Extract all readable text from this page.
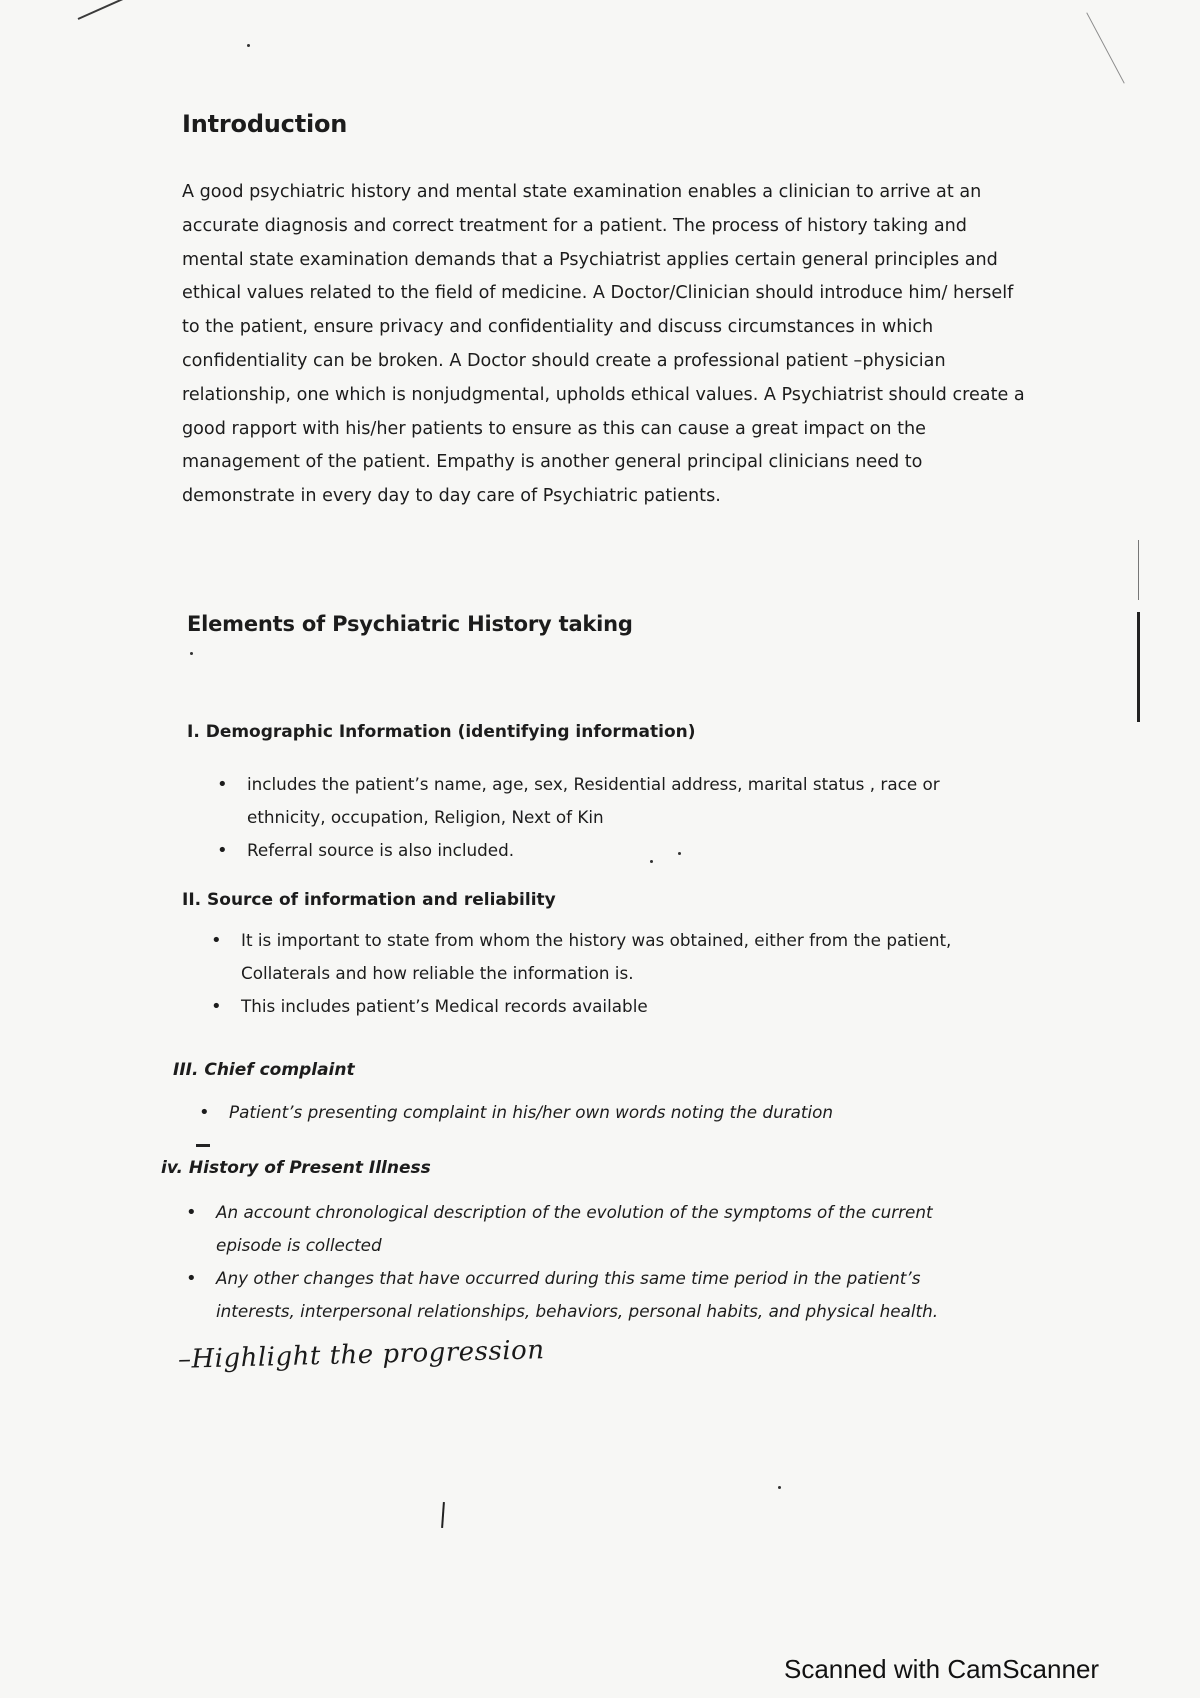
Introduction
A good psychiatric history and mental state examination enables a clinician to arrive at an accurate diagnosis and correct treatment for a patient. The process of history taking and mental state examination demands that a Psychiatrist applies certain general principles and ethical values related to the field of medicine. A Doctor/Clinician should introduce him/ herself to the patient, ensure privacy and confidentiality and discuss circumstances in which confidentiality can be broken. A Doctor should create a professional patient –physician relationship, one which is nonjudgmental, upholds ethical values. A Psychiatrist should create a good rapport with his/her patients to ensure as this can cause a great impact on the management of the patient. Empathy is another general principal clinicians need to demonstrate in every day to day care of Psychiatric patients.
Elements of Psychiatric History taking
I. Demographic Information (identifying information)
• includes the patient’s name, age, sex, Residential address, marital status , race or ethnicity, occupation, Religion, Next of Kin
• Referral source is also included.
II. Source of information and reliability
• It is important to state from whom the history was obtained, either from the patient, Collaterals and how reliable the information is.
• This includes patient’s Medical records available
III. Chief complaint
• Patient’s presenting complaint in his/her own words noting the duration
iv. History of Present Illness
• An account chronological description of the evolution of the symptoms of the current episode is collected
• Any other changes that have occurred during this same time period in the patient’s interests, interpersonal relationships, behaviors, personal habits, and physical health.
–Highlight the progression
Scanned with CamScanner
